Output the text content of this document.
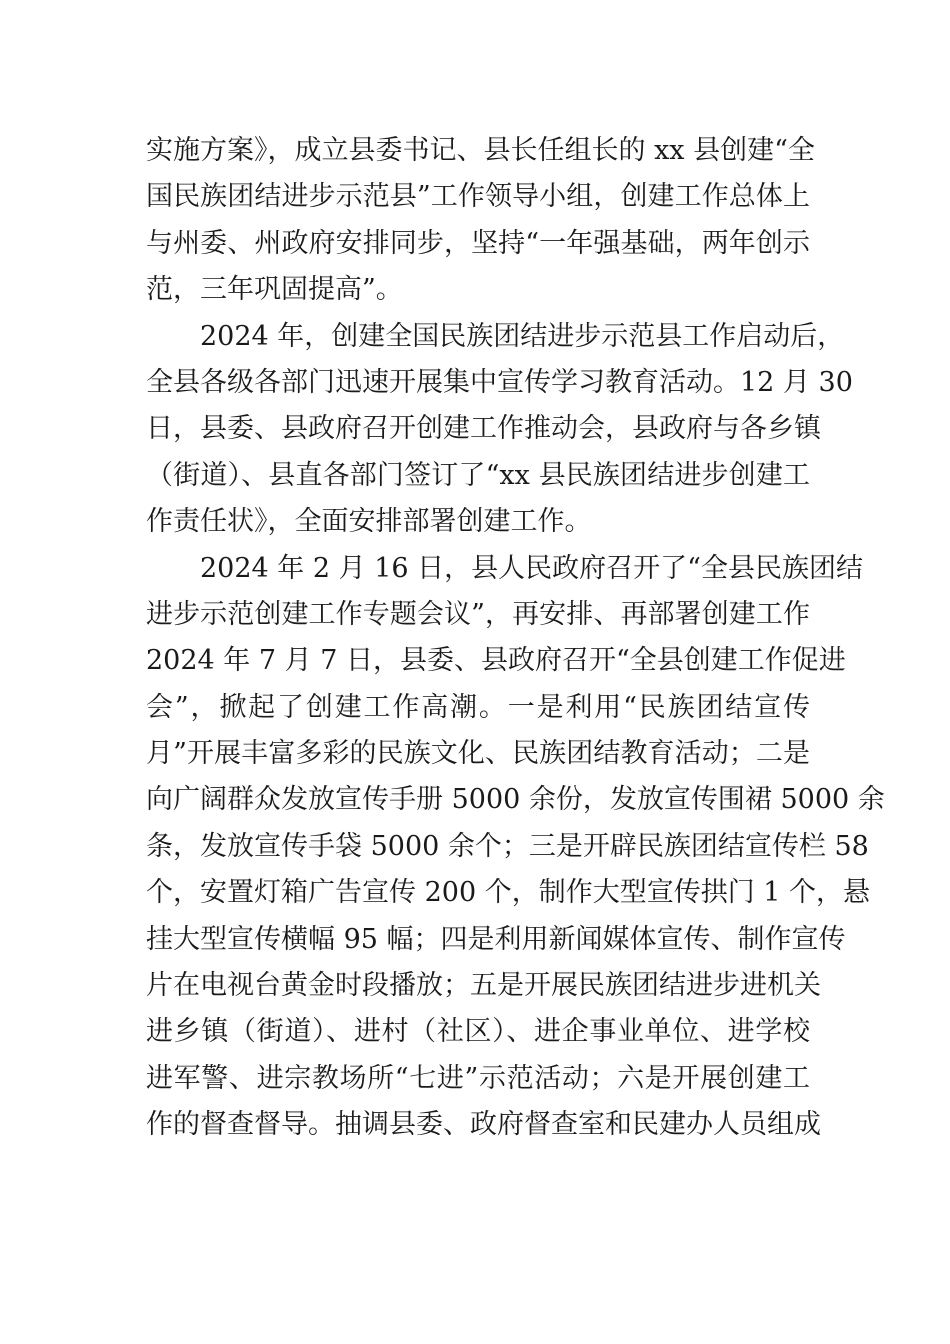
实施方案》，成立县委书记、县长任组长的 xx 县创建“全
国民族团结进步示范县”工作领导小组，创建工作总体上
与州委、州政府安排同步，坚持“一年强基础，两年创示
范，三年巩固提高”。
2024 年，创建全国民族团结进步示范县工作启动后，
全县各级各部门迅速开展集中宣传学习教育活动。12 月 30
日，县委、县政府召开创建工作推动会，县政府与各乡镇
（街道）、县直各部门签订了“xx 县民族团结进步创建工
作责任状》，全面安排部署创建工作。
2024 年 2 月 16 日，县人民政府召开了“全县民族团结
进步示范创建工作专题会议”，再安排、再部署创建工作
2024 年 7 月 7 日，县委、县政府召开“全县创建工作促进
会”，掀起了创建工作高潮。一是利用“民族团结宣传
月”开展丰富多彩的民族文化、民族团结教育活动；二是
向广阔群众发放宣传手册 5000 余份，发放宣传围裙 5000 余
条，发放宣传手袋 5000 余个；三是开辟民族团结宣传栏 58
个，安置灯箱广告宣传 200 个，制作大型宣传拱门 1 个，悬
挂大型宣传横幅 95 幅；四是利用新闻媒体宣传、制作宣传
片在电视台黄金时段播放；五是开展民族团结进步进机关
进乡镇（街道）、进村（社区）、进企事业单位、进学校
进军警、进宗教场所“七进”示范活动；六是开展创建工
作的督查督导。抽调县委、政府督查室和民建办人员组成
